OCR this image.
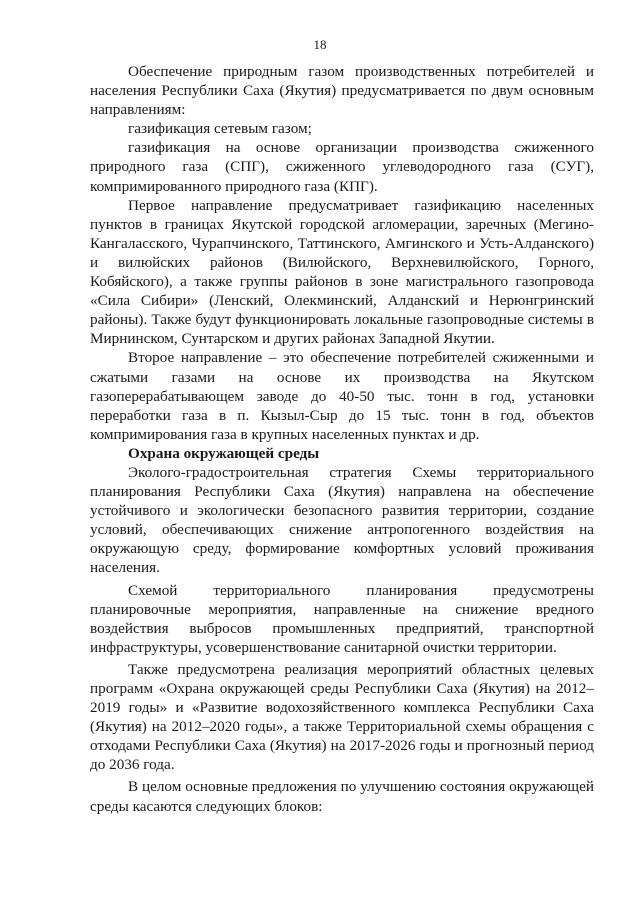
18

Обеспечение природным газом производственных потребителей и населения Республики Саха (Якутия) предусматривается по двум основным направлениям:

газификация сетевым газом;

газификация на основе организации производства сжиженного природного газа (СПГ), сжиженного углеводородного газа (СУГ), компримированного природного газа (КПГ).

Первое направление предусматривает газификацию населенных пунктов в границах Якутской городской агломерации, заречных (Мегино-Кангаласского, Чурапчинского, Таттинского, Амгинского и Усть-Алданского) и вилюйских районов (Вилюйского, Верхневилюйского, Горного, Кобяйского), а также группы районов в зоне магистрального газопровода «Сила Сибири» (Ленский, Олекминский, Алданский и Нерюнгринский районы). Также будут функционировать локальные газопроводные системы в Мирнинском, Сунтарском и других районах Западной Якутии.

Второе направление – это обеспечение потребителей сжиженными и сжатыми газами на основе их производства на Якутском газоперерабатывающем заводе до 40-50 тыс. тонн в год, установки переработки газа в п. Кызыл-Сыр до 15 тыс. тонн в год, объектов компримирования газа в крупных населенных пунктах и др.

Охрана окружающей среды

Эколого-градостроительная стратегия Схемы территориального планирования Республики Саха (Якутия) направлена на обеспечение устойчивого и экологически безопасного развития территории, создание условий, обеспечивающих снижение антропогенного воздействия на окружающую среду, формирование комфортных условий проживания населения.

Схемой территориального планирования предусмотрены планировочные мероприятия, направленные на снижение вредного воздействия выбросов промышленных предприятий, транспортной инфраструктуры, усовершенствование санитарной очистки территории.

Также предусмотрена реализация мероприятий областных целевых программ «Охрана окружающей среды Республики Саха (Якутия) на 2012–2019 годы» и «Развитие водохозяйственного комплекса Республики Саха (Якутия) на 2012–2020 годы», а также Территориальной схемы обращения с отходами Республики Саха (Якутия) на 2017-2026 годы и прогнозный период до 2036 года.

В целом основные предложения по улучшению состояния окружающей среды касаются следующих блоков:
